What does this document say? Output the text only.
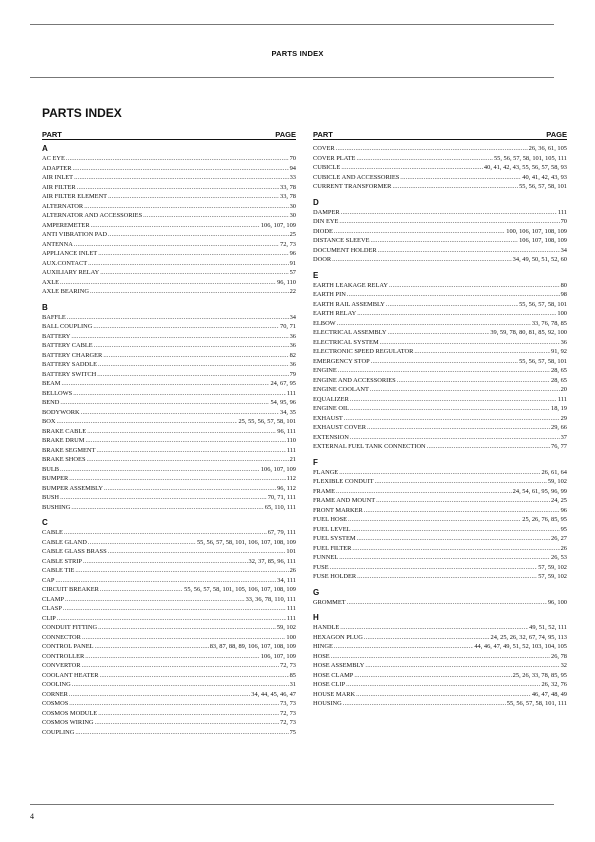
PARTS INDEX
PARTS INDEX
PART	PAGE
A
AC EYE .....	70
ADAPTER .....	94
AIR INLET .....	33
AIR FILTER .....	33, 78
AIR FILTER ELEMENT .....	33, 78
ALTERNATOR .....	30
ALTERNATOR AND ACCESSORIES .....	30
AMPEREMETER .....	106, 107, 109
ANTI VIBRATION PAD .....	25
ANTENNA .....	72, 73
APPLIANCE INLET .....	96
AUX.CONTACT .....	91
AUXILIARY RELAY .....	57
AXLE .....	96, 110
AXLE BEARING .....	22
B
BAFFLE .....	34
BALL COUPLING .....	70, 71
BATTERY .....	36
BATTERY CABLE .....	36
BATTERY CHARGER .....	82
BATTERY SADDLE .....	36
BATTERY SWITCH .....	79
BEAM .....	24, 67, 95
BELLOWS .....	111
BEND .....	54, 95, 96
BODYWORK .....	34, 35
BOX .....	25, 55, 56, 57, 58, 101
BRAKE CABLE .....	96, 111
BRAKE DRUM .....	110
BRAKE SEGMENT .....	111
BRAKE SHOES .....	21
BULB .....	106, 107, 109
BUMPER .....	112
BUMPER ASSEMBLY .....	96, 112
BUSH .....	70, 71, 111
BUSHING .....	65, 110, 111
C
CABLE .....	67, 79, 111
CABLE GLAND .....	55, 56, 57, 58, 101, 106, 107, 108, 109
CABLE GLASS BRASS .....	101
CABLE STRIP .....	32, 37, 85, 96, 111
CABLE TIE .....	26
CAP .....	34, 111
CIRCUIT BREAKER .....	55, 56, 57, 58, 101, 105, 106, 107, 108, 109
CLAMP .....	33, 36, 78, 110, 111
CLASP .....	111
CLIP .....	111
CONDUIT FITTING .....	59, 102
CONNECTOR .....	100
CONTROL PANEL .....	83, 87, 88, 89, 106, 107, 108, 109
CONTROLLER .....	106, 107, 109
CONVERTOR .....	72, 73
COOLANT HEATER .....	85
COOLING .....	31
CORNER .....	34, 44, 45, 46, 47
COSMOS .....	73, 73
COSMOS MODULE .....	72, 73
COSMOS WIRING .....	72, 73
COUPLING .....	75
PART	PAGE
COVER .....	26, 36, 61, 105
COVER PLATE .....	55, 56, 57, 58, 101, 105, 111
CUBICLE .....	40, 41, 42, 43, 55, 56, 57, 58, 93
CUBICLE AND ACCESSORIES .....	40, 41, 42, 43, 93
CURRENT TRANSFORMER .....	55, 56, 57, 58, 101
D
DAMPER .....	111
DIN EYE .....	70
DIODE .....	100, 106, 107, 108, 109
DISTANCE SLEEVE .....	106, 107, 108, 109
DOCUMENT HOLDER .....	34
DOOR .....	34, 49, 50, 51, 52, 60
E
EARTH LEAKAGE RELAY .....	80
EARTH PIN .....	98
EARTH RAIL ASSEMBLY .....	55, 56, 57, 58, 101
EARTH RELAY .....	100
ELBOW .....	33, 76, 78, 85
ELECTRICAL ASSEMBLY .....	39, 59, 78, 80, 81, 85, 92, 100
ELECTRICAL SYSTEM .....	36
ELECTRONIC SPEED REGULATOR .....	91, 92
EMERGENCY STOP .....	55, 56, 57, 58, 101
ENGINE .....	28, 65
ENGINE AND ACCESSORIES .....	28, 65
ENGINE COOLANT .....	20
EQUALIZER .....	111
ENGINE OIL .....	18, 19
EXHAUST .....	29
EXHAUST COVER .....	29, 66
EXTENSION .....	37
EXTERNAL FUEL TANK CONNECTION .....	76, 77
F
FLANGE .....	26, 61, 64
FLEXIBLE CONDUIT .....	59, 102
FRAME .....	24, 54, 61, 95, 96, 99
FRAME AND MOUNT .....	24, 25
FRONT MARKER .....	96
FUEL HOSE .....	25, 26, 76, 85, 95
FUEL LEVEL .....	95
FUEL SYSTEM .....	26, 27
FUEL FILTER .....	26
FUNNEL .....	26, 53
FUSE .....	57, 59, 102
FUSE HOLDER .....	57, 59, 102
G
GROMMET .....	96, 100
H
HANDLE .....	49, 51, 52, 111
HEXAGON PLUG .....	24, 25, 26, 32, 67, 74, 95, 113
HINGE .....	44, 46, 47, 49, 51, 52, 103, 104, 105
HOSE .....	26, 78
HOSE ASSEMBLY .....	32
HOSE CLAMP .....	25, 26, 33, 78, 85, 95
HOSE CLIP .....	26, 32, 76
HOUSE MARK .....	46, 47, 48, 49
HOUSING .....	55, 56, 57, 58, 101, 111
4
